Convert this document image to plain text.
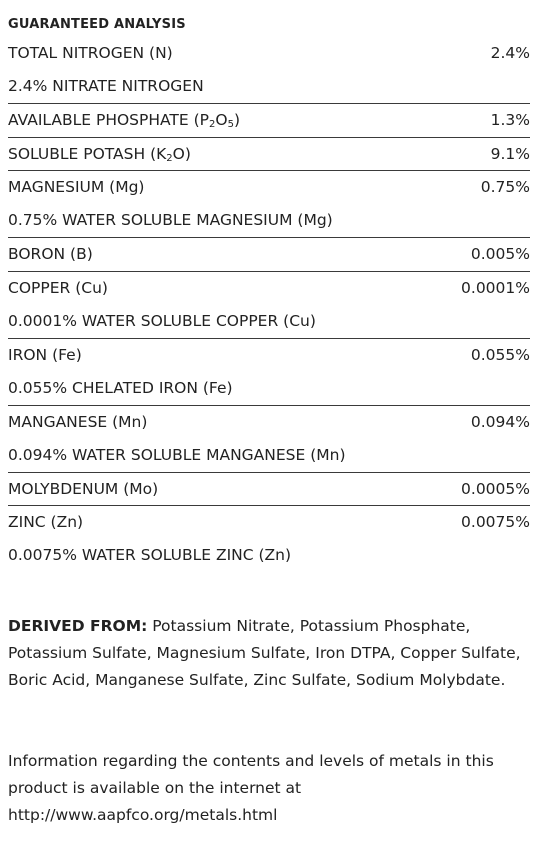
GUARANTEED ANALYSIS
TOTAL NITROGEN (N)	2.4%
2.4% NITRATE NITROGEN
AVAILABLE PHOSPHATE $(P_2O_5)$	1.3%
SOLUBLE POTASH $(K_2O)$	9.1%
MAGNESIUM (Mg)	0.75%
0.75% WATER SOLUBLE MAGNESIUM (Mg)
BORON (B)	0.005%
COPPER (Cu)	0.0001%
0.0001% WATER SOLUBLE COPPER (Cu)
IRON (Fe)	0.055%
0.055% CHELATED IRON (Fe)
MANGANESE (Mn)	0.094%
0.094% WATER SOLUBLE MANGANESE (Mn)
MOLYBDENUM (Mo)	0.0005%
ZINC (Zn)	0.0075%
0.0075% WATER SOLUBLE ZINC (Zn)
DERIVED FROM: Potassium Nitrate, Potassium Phosphate, Potassium Sulfate, Magnesium Sulfate, Iron DTPA, Copper Sulfate, Boric Acid, Manganese Sulfate, Zinc Sulfate, Sodium Molybdate.
Information regarding the contents and levels of metals in this product is available on the internet at http://www.aapfco.org/metals.html
